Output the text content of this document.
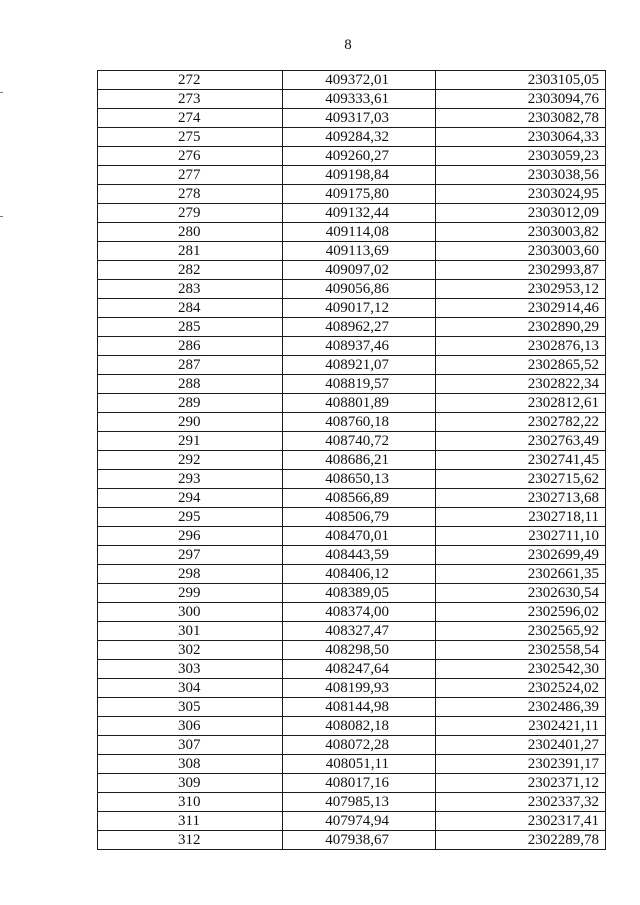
8
272	409372,01	2303105,05
273	409333,61	2303094,76
274	409317,03	2303082,78
275	409284,32	2303064,33
276	409260,27	2303059,23
277	409198,84	2303038,56
278	409175,80	2303024,95
279	409132,44	2303012,09
280	409114,08	2303003,82
281	409113,69	2303003,60
282	409097,02	2302993,87
283	409056,86	2302953,12
284	409017,12	2302914,46
285	408962,27	2302890,29
286	408937,46	2302876,13
287	408921,07	2302865,52
288	408819,57	2302822,34
289	408801,89	2302812,61
290	408760,18	2302782,22
291	408740,72	2302763,49
292	408686,21	2302741,45
293	408650,13	2302715,62
294	408566,89	2302713,68
295	408506,79	2302718,11
296	408470,01	2302711,10
297	408443,59	2302699,49
298	408406,12	2302661,35
299	408389,05	2302630,54
300	408374,00	2302596,02
301	408327,47	2302565,92
302	408298,50	2302558,54
303	408247,64	2302542,30
304	408199,93	2302524,02
305	408144,98	2302486,39
306	408082,18	2302421,11
307	408072,28	2302401,27
308	408051,11	2302391,17
309	408017,16	2302371,12
310	407985,13	2302337,32
311	407974,94	2302317,41
312	407938,67	2302289,78
